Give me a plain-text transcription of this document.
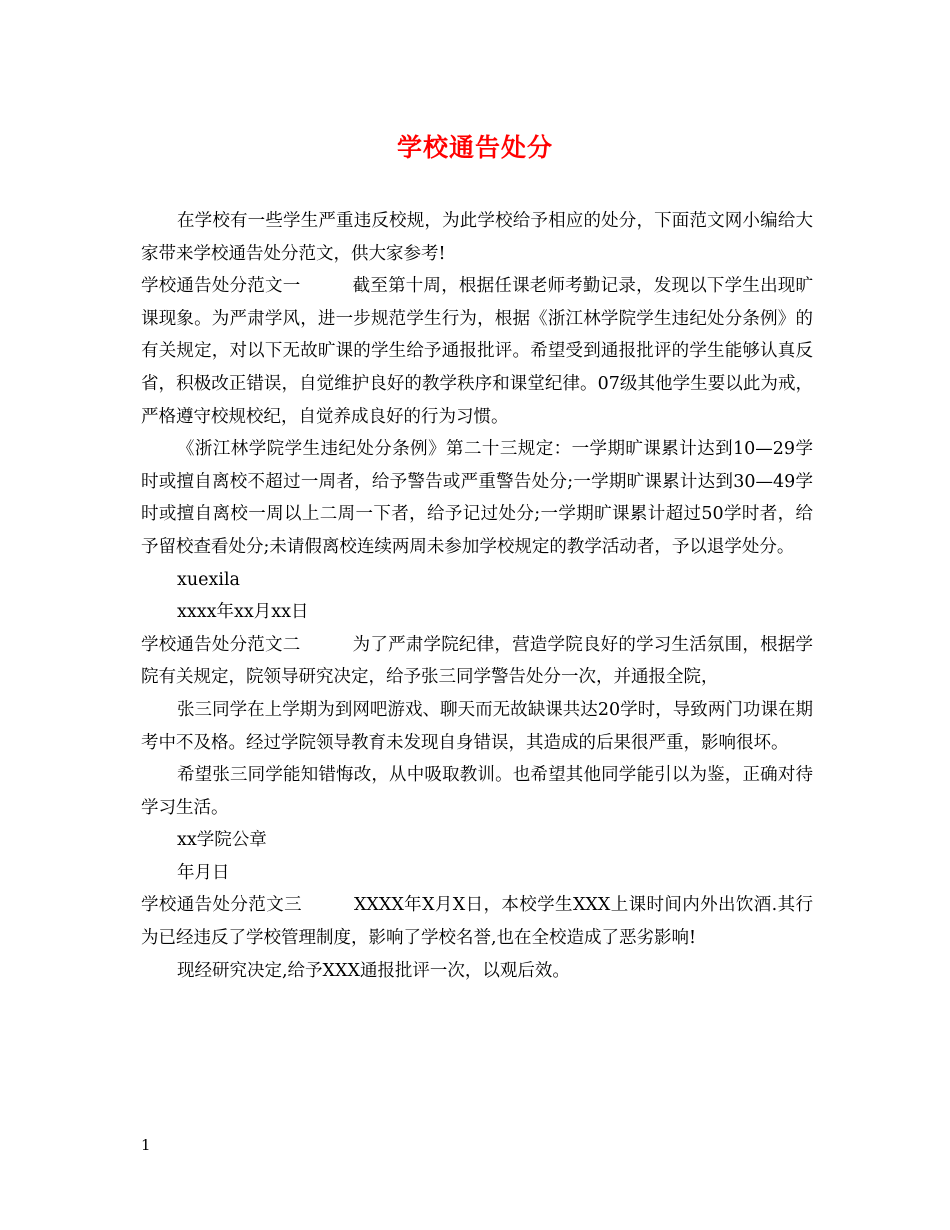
学校通告处分

在学校有一些学生严重违反校规，为此学校给予相应的处分，下面范文网小编给大家带来学校通告处分范文，供大家参考!

学校通告处分范文一	截至第十周，根据任课老师考勤记录，发现以下学生出现旷课现象。为严肃学风，进一步规范学生行为，根据《浙江林学院学生违纪处分条例》的有关规定，对以下无故旷课的学生给予通报批评。希望受到通报批评的学生能够认真反省，积极改正错误，自觉维护良好的教学秩序和课堂纪律。07级其他学生要以此为戒，严格遵守校规校纪，自觉养成良好的行为习惯。

《浙江林学院学生违纪处分条例》第二十三规定：一学期旷课累计达到10—29学时或擅自离校不超过一周者，给予警告或严重警告处分;一学期旷课累计达到30—49学时或擅自离校一周以上二周一下者，给予记过处分;一学期旷课累计超过50学时者，给予留校查看处分;未请假离校连续两周未参加学校规定的教学活动者，予以退学处分。

xuexila

xxxx年xx月xx日

学校通告处分范文二	为了严肃学院纪律，营造学院良好的学习生活氛围，根据学院有关规定，院领导研究决定，给予张三同学警告处分一次，并通报全院，

张三同学在上学期为到网吧游戏、聊天而无故缺课共达20学时，导致两门功课在期考中不及格。经过学院领导教育未发现自身错误，其造成的后果很严重，影响很坏。

希望张三同学能知错悔改，从中吸取教训。也希望其他同学能引以为鉴，正确对待学习生活。

xx学院公章

年月日

学校通告处分范文三	XXXX年X月X日，本校学生XXX上课时间内外出饮酒.其行为已经违反了学校管理制度，影响了学校名誉,也在全校造成了恶劣影响!

现经研究决定,给予XXX通报批评一次，以观后效。

1
